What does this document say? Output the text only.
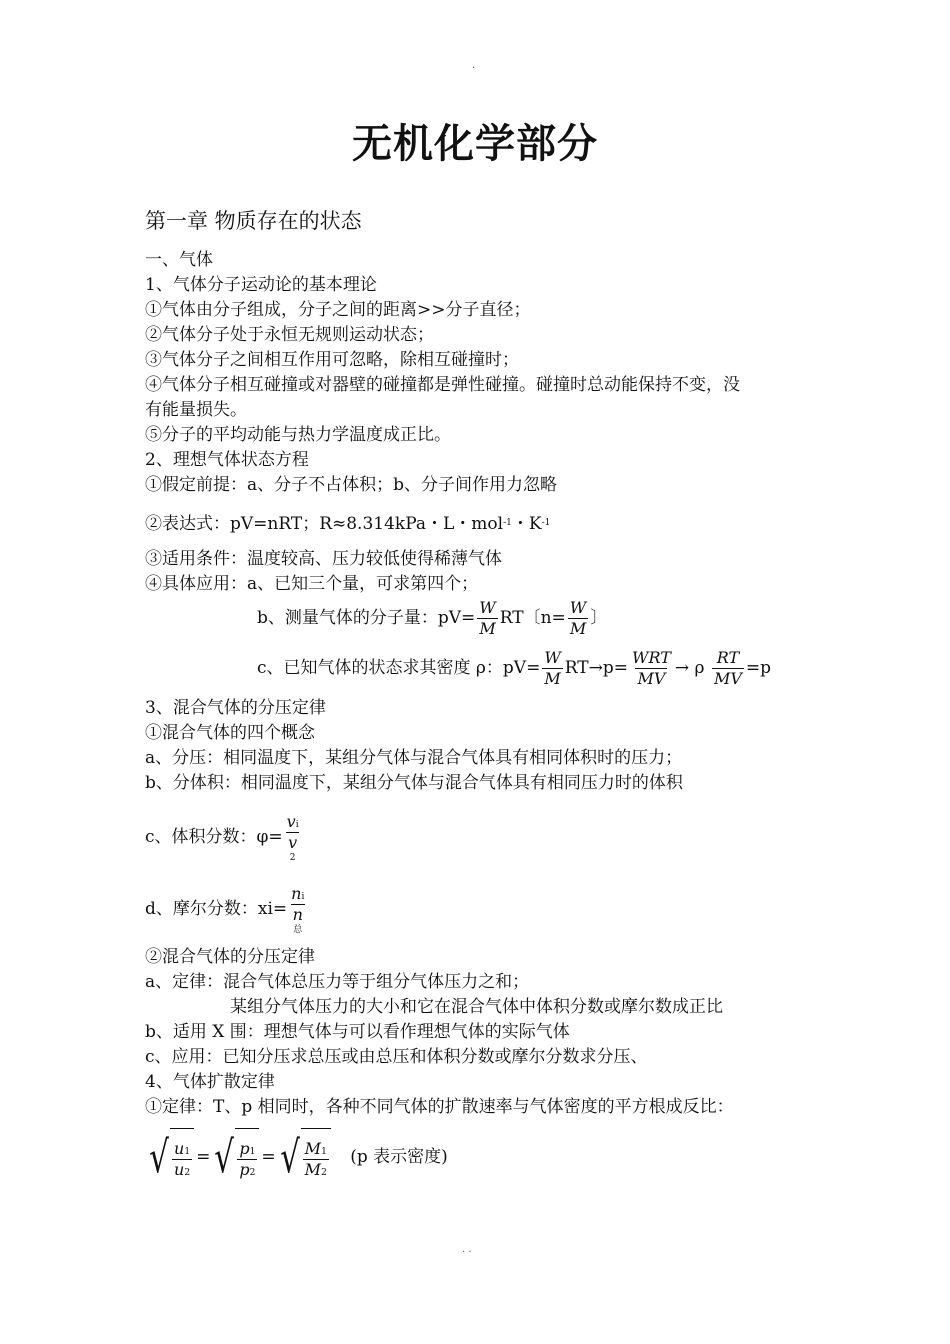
.
无机化学部分
第一章 物质存在的状态
一、气体
1、气体分子运动论的基本理论
①气体由分子组成，分子之间的距离>>分子直径；
②气体分子处于永恒无规则运动状态；
③气体分子之间相互作用可忽略，除相互碰撞时；
④气体分子相互碰撞或对器壁的碰撞都是弹性碰撞。碰撞时总动能保持不变，没
有能量损失。
⑤分子的平均动能与热力学温度成正比。
2、理想气体状态方程
①假定前提：a、分子不占体积；b、分子间作用力忽略
②表达式：pV=nRT；R≈8.314kPa・L・mol$^{-1}$・$K^{-1}$
③适用条件：温度较高、压力较低使得稀薄气体
④具体应用：a、已知三个量，可求第四个；
b、测量气体的分子量：$pV= \frac{W}{M}$ RT〔$n= \frac{W}{M}$ 〕
c、已知气体的状态求其密度 ρ：$pV= \frac{W}{M} RT\to p= \frac{\text{WRT}}{MV} \to \rho \frac{RT}{MV} =p$
3、混合气体的分压定律
①混合气体的四个概念
a、分压：相同温度下，某组分气体与混合气体具有相同体积时的压力；
b、分体积：相同温度下，某组分气体与混合气体具有相同压力时的体积
c、体积分数：φ=
vi
v
2
d、摩尔分数：xi=
ni
n
总
②混合气体的分压定律
a、定律：混合气体总压力等于组分气体压力之和；
某组分气体压力的大小和它在混合气体中体积分数或摩尔数成正比
b、适用 X 围：理想气体与可以看作理想气体的实际气体
c、应用：已知分压求总压或由总压和体积分数或摩尔分数求分压、
4、气体扩散定律
①定律：T、p 相同时，各种不同气体的扩散速率与气体密度的平方根成反比：
√ $\frac{u1}{u2}$ = √ $\frac{p1}{p2}$ = √ $\frac{M1}{M2} (p$ 表示密度)
. .
